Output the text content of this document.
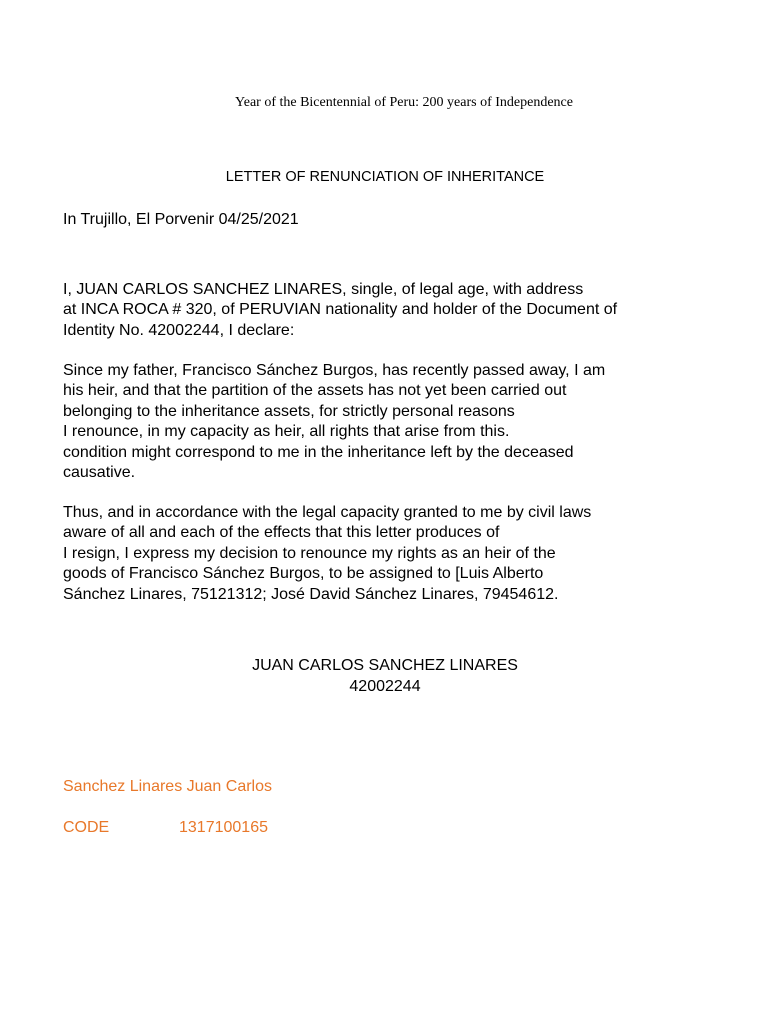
Year of the Bicentennial of Peru: 200 years of Independence
LETTER OF RENUNCIATION OF INHERITANCE
In Trujillo, El Porvenir 04/25/2021
I, JUAN CARLOS SANCHEZ LINARES, single, of legal age, with address
at INCA ROCA # 320, of PERUVIAN nationality and holder of the Document of
Identity No. 42002244, I declare:
Since my father, Francisco Sánchez Burgos, has recently passed away, I am
his heir, and that the partition of the assets has not yet been carried out
belonging to the inheritance assets, for strictly personal reasons
I renounce, in my capacity as heir, all rights that arise from this.
condition might correspond to me in the inheritance left by the deceased
causative.
Thus, and in accordance with the legal capacity granted to me by civil laws
aware of all and each of the effects that this letter produces of
I resign, I express my decision to renounce my rights as an heir of the
goods of Francisco Sánchez Burgos, to be assigned to [Luis Alberto
Sánchez Linares, 75121312; José David Sánchez Linares, 79454612.
JUAN CARLOS SANCHEZ LINARES
42002244
Sanchez Linares Juan Carlos
CODE	1317100165
